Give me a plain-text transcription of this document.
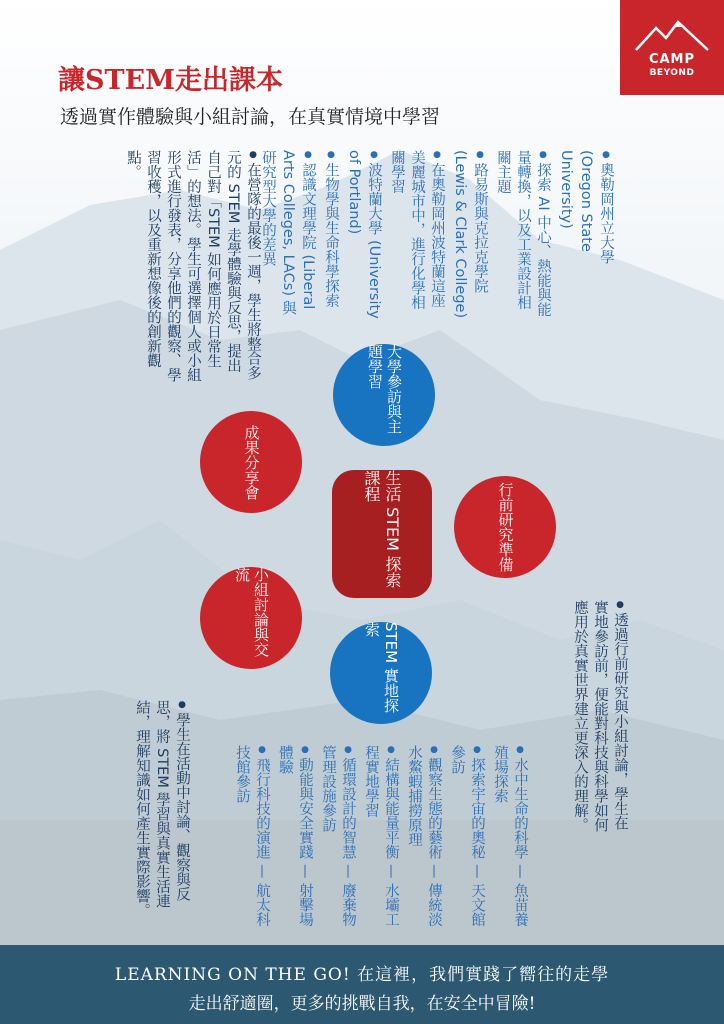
CAMP
BEYOND
讓STEM走出課本
透過實作體驗與小組討論，在真實情境中學習
● 奧勒岡州立大學 (Oregon State University)
● 探索 AI 中心、熱能與能量轉換，以及工業設計相關主題
● 路易斯與克拉克學院 (Lewis & Clark College)
● 在奧勒岡州波特蘭這座美麗城市中，進行化學相關學習
● 波特蘭大學 (University of Portland)
● 生物學與生命科學探索
● 認識文理學院 (Liberal Arts Colleges, LACs) 與研究型大學的差異
● 在營隊的最後一週，學生將整合多元的 STEM 走學體驗與反思，提出自己對「STEM 如何應用於日常生活」的想法。學生可選擇個人或小組形式進行發表，分享他們的觀察、學習收穫，以及重新想像後的創新觀點。
● 透過行前研究與小組討論，學生在實地參訪前，便能對科技與科學如何應用於真實世界建立更深入的理解。
● 水中生命的科學 — 魚苗養殖場探索
● 探索宇宙的奧秘 — 天文館參訪
● 觀察生態的藝術 — 傳統淡水鰲蝦捕撈原理
● 結構與能量平衡 — 水壩工程實地學習
● 循環設計的智慧 — 廢棄物管理設施參訪
● 動能與安全實踐 — 射擊場體驗
● 飛行科技的演進 — 航太科技館參訪
● 學生在活動中討論、觀察與反思，將 STEM 學習與真實生活連結，理解知識如何產生實際影響。
大學參訪與主題學習
成果分享會
行前研究準備
生活 STEM 探索課程
小組討論與交流
STEM 實地探索
LEARNING ON THE GO! 在這裡，我們實踐了嚮往的走學
走出舒適圈，更多的挑戰自我，在安全中冒險!
